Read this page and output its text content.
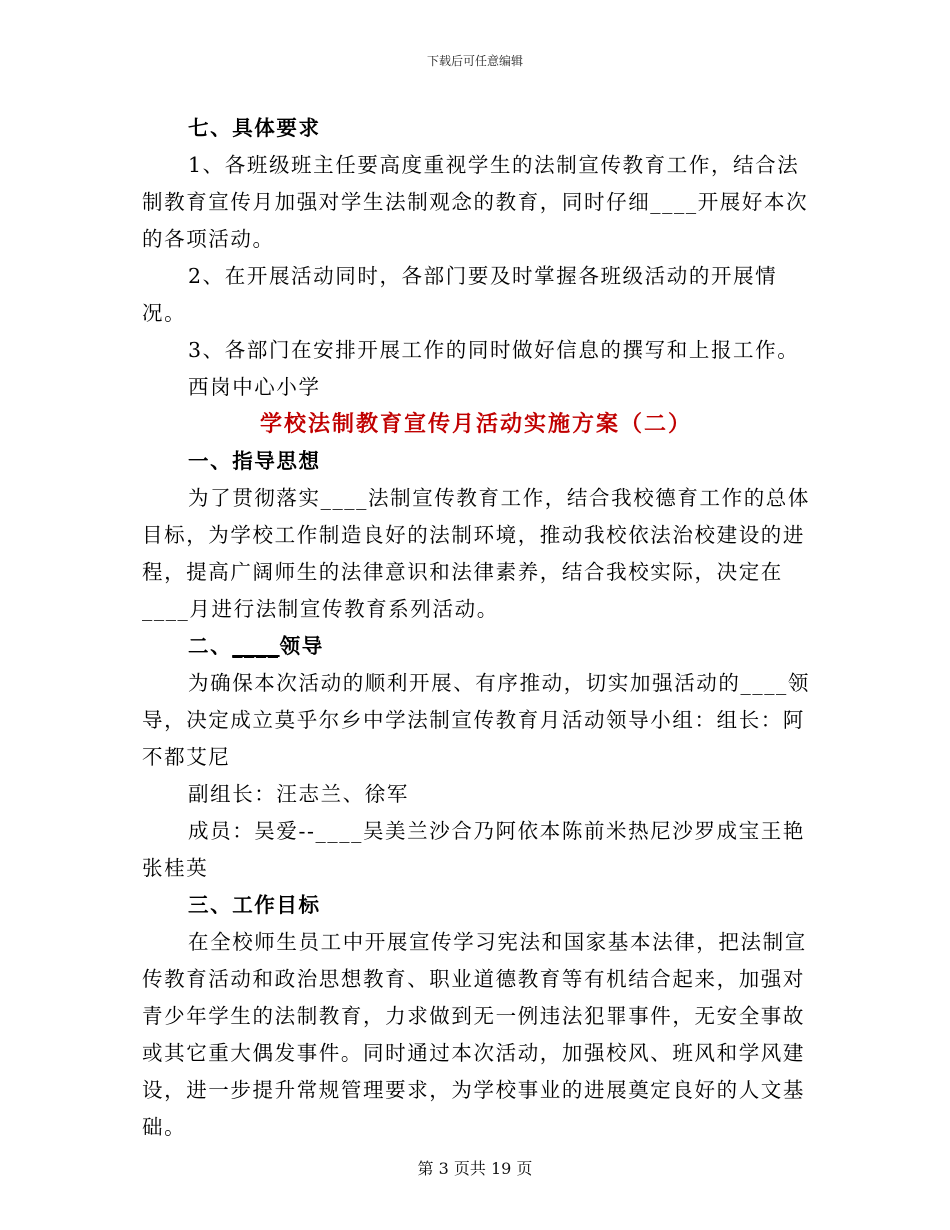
下载后可任意编辑

七、具体要求

1、各班级班主任要高度重视学生的法制宣传教育工作，结合法制教育宣传月加强对学生法制观念的教育，同时仔细____开展好本次的各项活动。

2、在开展活动同时，各部门要及时掌握各班级活动的开展情况。

3、各部门在安排开展工作的同时做好信息的撰写和上报工作。

西岗中心小学

学校法制教育宣传月活动实施方案（二）

一、指导思想

为了贯彻落实____法制宣传教育工作，结合我校德育工作的总体目标，为学校工作制造良好的法制环境，推动我校依法治校建设的进程，提高广阔师生的法律意识和法律素养，结合我校实际，决定在____月进行法制宣传教育系列活动。

二、____领导

为确保本次活动的顺利开展、有序推动，切实加强活动的____领导，决定成立莫乎尔乡中学法制宣传教育月活动领导小组：组长：阿不都艾尼

副组长：汪志兰、徐军

成员：吴爱--____吴美兰沙合乃阿依本陈前米热尼沙罗成宝王艳张桂英

三、工作目标

在全校师生员工中开展宣传学习宪法和国家基本法律，把法制宣传教育活动和政治思想教育、职业道德教育等有机结合起来，加强对青少年学生的法制教育，力求做到无一例违法犯罪事件，无安全事故或其它重大偶发事件。同时通过本次活动，加强校风、班风和学风建设，进一步提升常规管理要求，为学校事业的进展奠定良好的人文基础。

第 3 页共 19 页
